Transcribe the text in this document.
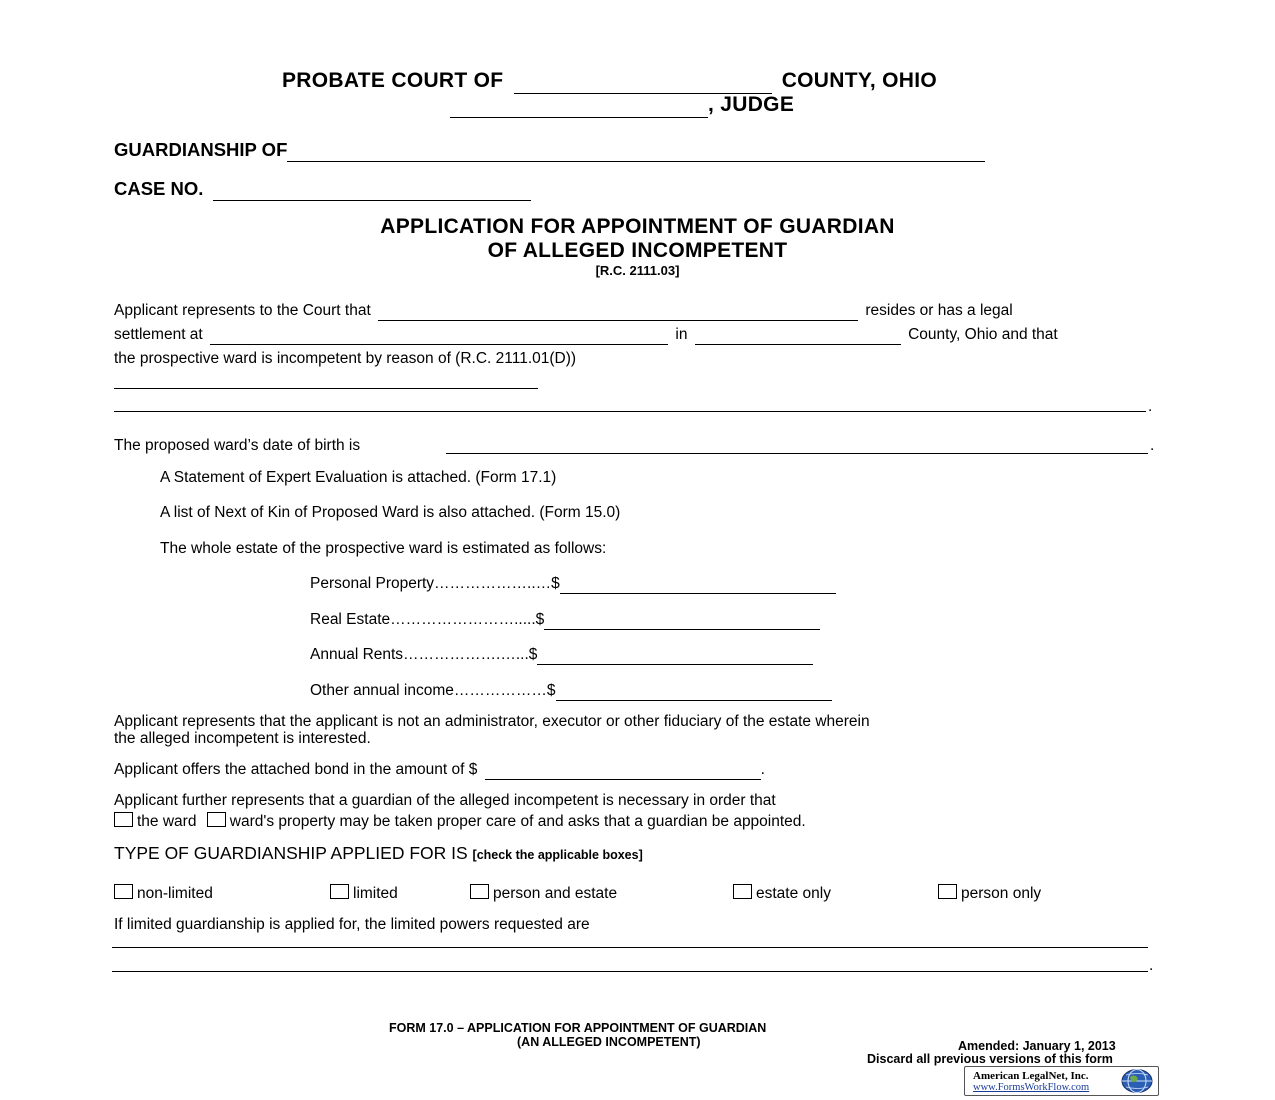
PROBATE COURT OF	COUNTY, OHIO
, JUDGE
GUARDIANSHIP OF
CASE NO.
APPLICATION FOR APPOINTMENT OF GUARDIAN
OF ALLEGED INCOMPETENT
[R.C. 2111.03]
Applicant represents to the Court that	resides or has a legal
settlement at	in	County, Ohio and that
the prospective ward is incompetent by reason of (R.C. 2111.01(D))
.
The proposed ward’s date of birth is	.
A Statement of Expert Evaluation is attached. (Form 17.1)
A list of Next of Kin of Proposed Ward is also attached. (Form 15.0)
The whole estate of the prospective ward is estimated as follows:
Personal Property………………..…$
Real Estate…………………….....$
Annual Rents……………….…...$
Other annual income………………$
Applicant represents that the applicant is not an administrator, executor or other fiduciary of the estate wherein
the alleged incompetent is interested.
Applicant offers the attached bond in the amount of $	.
Applicant further represents that a guardian of the alleged incompetent is necessary in order that
the ward ward's property may be taken proper care of and asks that a guardian be appointed.
TYPE OF GUARDIANSHIP APPLIED FOR IS [check the applicable boxes]
non-limited	limited	person and estate	estate only	person only
If limited guardianship is applied for, the limited powers requested are
.
FORM 17.0 – APPLICATION FOR APPOINTMENT OF GUARDIAN
(AN ALLEGED INCOMPETENT)	Amended: January 1, 2013
Discard all previous versions of this form
American LegalNet, Inc.
www.FormsWorkFlow.com
